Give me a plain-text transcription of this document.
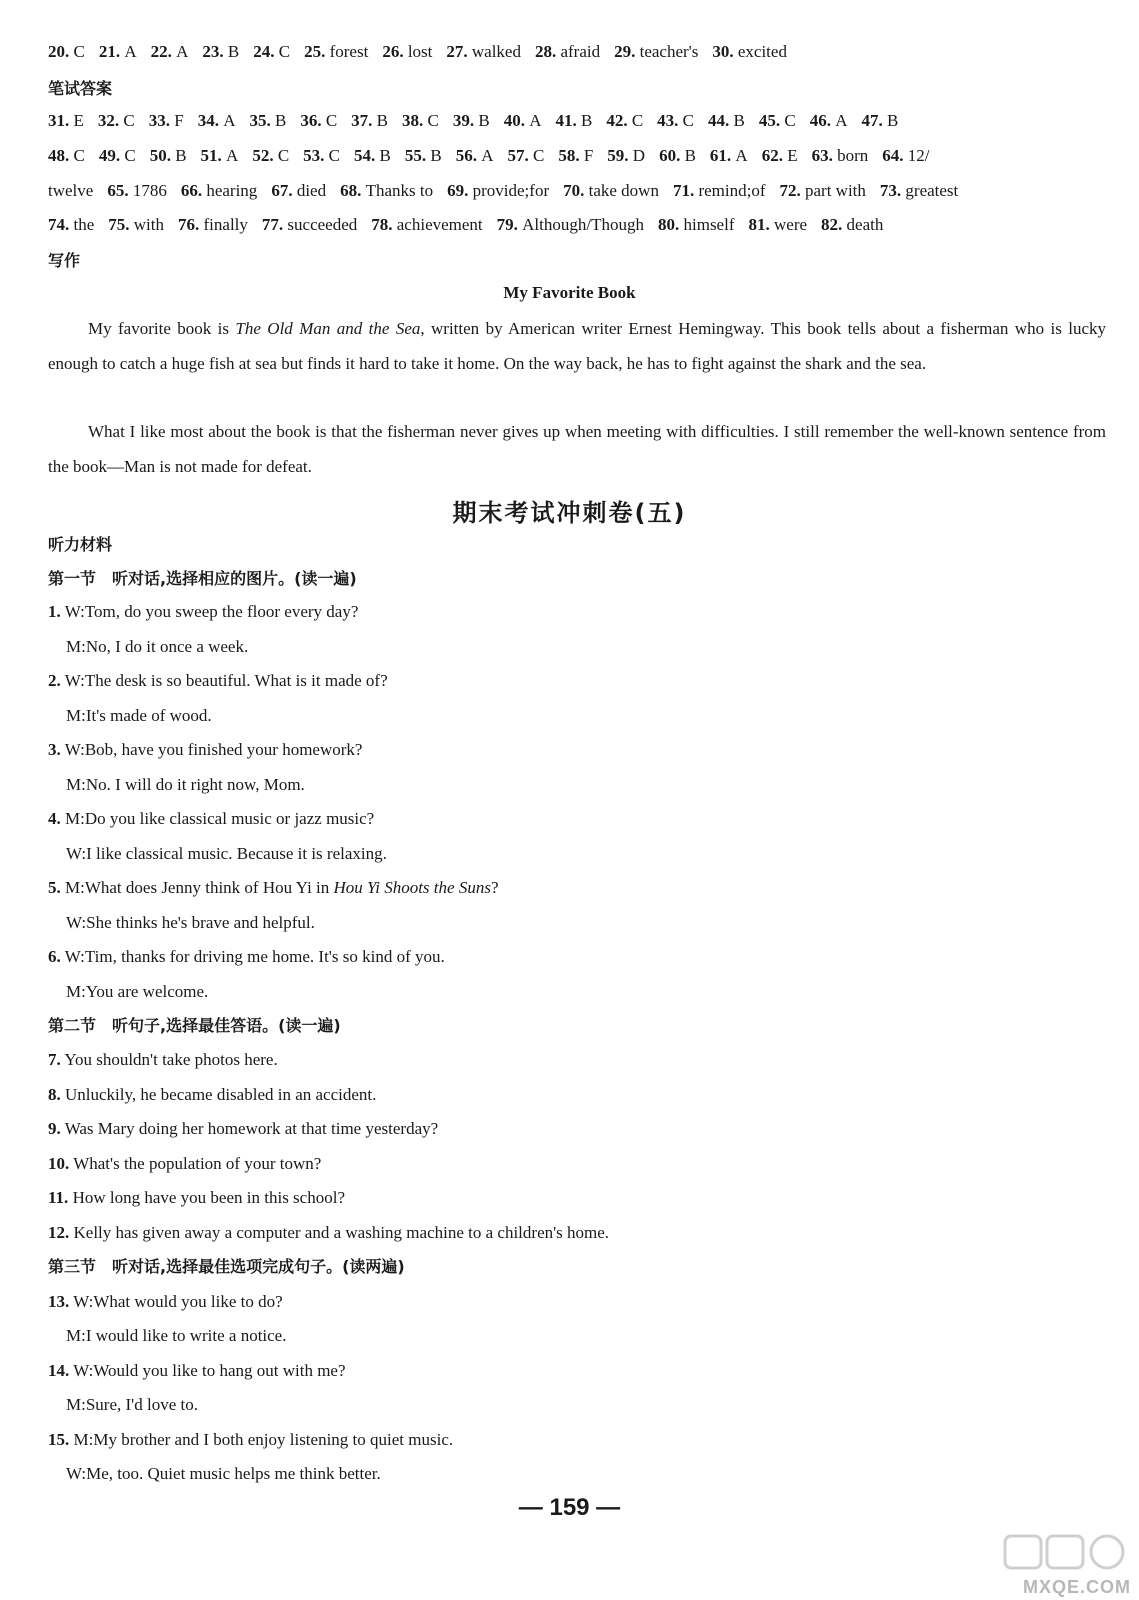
20. C 21. A 22. A 23. B 24. C 25. forest 26. lost 27. walked 28. afraid 29. teacher's 30. excited
笔试答案
31. E 32. C 33. F 34. A 35. B 36. C 37. B 38. C 39. B 40. A 41. B 42. C 43. C 44. B 45. C 46. A 47. B
48. C 49. C 50. B 51. A 52. C 53. C 54. B 55. B 56. A 57. C 58. F 59. D 60. B 61. A 62. E 63. born 64. 12/
twelve 65. 1786 66. hearing 67. died 68. Thanks to 69. provide;for 70. take down 71. remind;of 72. part with 73. greatest
74. the 75. with 76. finally 77. succeeded 78. achievement 79. Although/Though 80. himself 81. were 82. death
写作
My Favorite Book
My favorite book is The Old Man and the Sea, written by American writer Ernest Hemingway. This book tells about a fisherman who is lucky enough to catch a huge fish at sea but finds it hard to take it home. On the way back, he has to fight against the shark and the sea.
What I like most about the book is that the fisherman never gives up when meeting with difficulties. I still remember the well-known sentence from the book—Man is not made for defeat.
期末考试冲刺卷(五)
听力材料
第一节　听对话,选择相应的图片。(读一遍)
1. W:Tom, do you sweep the floor every day?
M:No, I do it once a week.
2. W:The desk is so beautiful. What is it made of?
M:It's made of wood.
3. W:Bob, have you finished your homework?
M:No. I will do it right now, Mom.
4. M:Do you like classical music or jazz music?
W:I like classical music. Because it is relaxing.
5. M:What does Jenny think of Hou Yi in Hou Yi Shoots the Suns?
W:She thinks he's brave and helpful.
6. W:Tim, thanks for driving me home. It's so kind of you.
M:You are welcome.
第二节　听句子,选择最佳答语。(读一遍)
7. You shouldn't take photos here.
8. Unluckily, he became disabled in an accident.
9. Was Mary doing her homework at that time yesterday?
10. What's the population of your town?
11. How long have you been in this school?
12. Kelly has given away a computer and a washing machine to a children's home.
第三节　听对话,选择最佳选项完成句子。(读两遍)
13. W:What would you like to do?
M:I would like to write a notice.
14. W:Would you like to hang out with me?
M:Sure, I'd love to.
15. M:My brother and I both enjoy listening to quiet music.
W:Me, too. Quiet music helps me think better.
— 159 —
MXQE.COM
